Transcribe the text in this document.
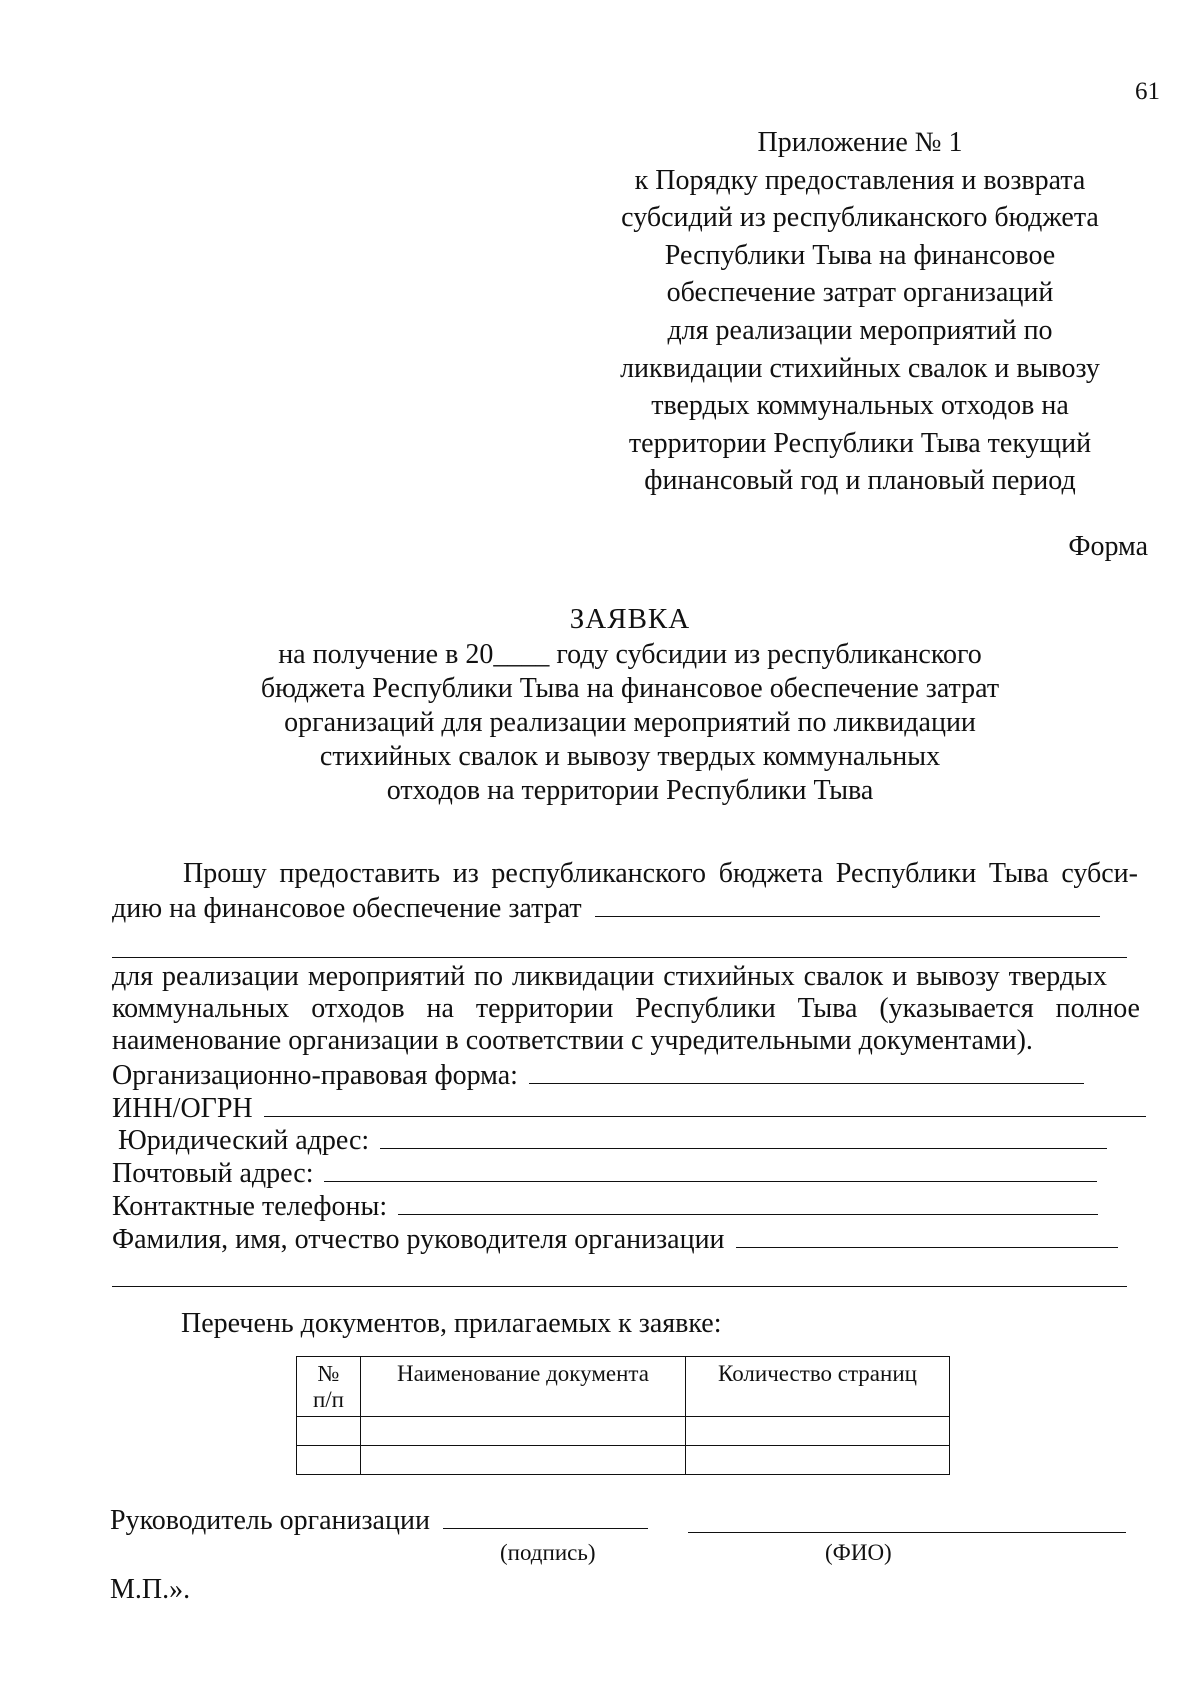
61
Приложение № 1
к Порядку предоставления и возврата
субсидий из республиканского бюджета
Республики Тыва на финансовое
обеспечение затрат организаций
для реализации мероприятий по
ликвидации стихийных свалок и вывозу
твердых коммунальных отходов на
территории Республики Тыва текущий
финансовый год и плановый период
Форма
ЗАЯВКА
на получение в 20____ году субсидии из республиканского
бюджета Республики Тыва на финансовое обеспечение затрат
организаций для реализации мероприятий по ликвидации
стихийных свалок и вывозу твердых коммунальных
отходов на территории Республики Тыва
Прошу предоставить из республиканского бюджета Республики Тыва субси-
дию на финансовое обеспечение затрат
для реализации мероприятий по ликвидации стихийных свалок и вывозу твердых
коммунальных отходов на территории Республики Тыва (указывается полное
наименование организации в соответствии с учредительными документами).
Организационно-правовая форма:
ИНН/ОГРН
Юридический адрес:
Почтовый адрес:
Контактные телефоны:
Фамилия, имя, отчество руководителя организации
Перечень документов, прилагаемых к заявке:
№
п/п	Наименование документа	Количество страниц

Руководитель организации
(подпись)	(ФИО)
М.П.».
